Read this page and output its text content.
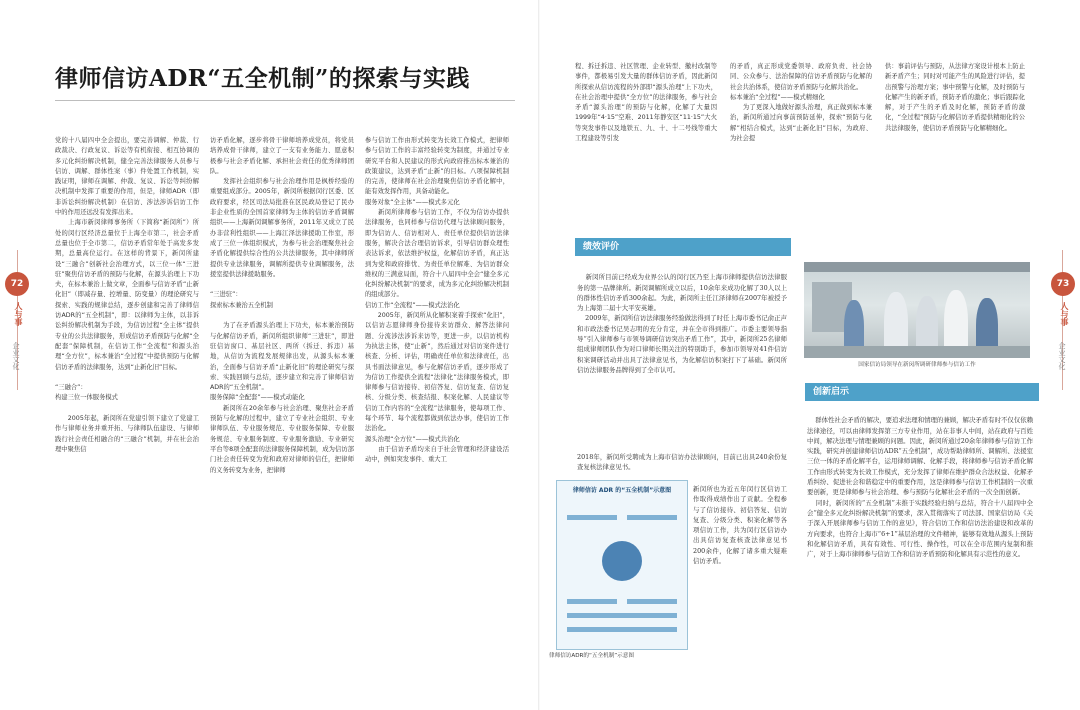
律师信访ADR“五全机制”的探索与实践
72
人与事
企业文化
党的十八届四中全会提出，要完善调解、仲裁、行政裁决、行政复议、诉讼等有机衔接、相互协调的多元化纠纷解决机制，健全完善法律服务人员参与信访、调解、群体性案（事）件处置工作机制，实践证明，律师在调解、仲裁、复议、诉讼等纠纷解决机制中发挥了重要的作用，但是，律师ADR（即非诉讼纠纷解决机制）在信访、涉法涉诉信访工作中的作用还远没有发挥出来。
　　上海市新闵律师事务所（下简称“新闵所”）所处的闵行区经济总量位于上海全市第二，社会矛盾总量也位于全市第二，信访矛盾常年处于高发多发期，总量高位运行。在这样的背景下，新闵所建设“三融合”创新社会治理方式，以三位一体“三进驻”聚焦信访矛盾的预防与化解，在源头治理上下功夫，在标本兼治上做文章，全面参与信访矛盾“止新化旧”（即减存量、控增量、防变量）的理论研究与探索、实践的规律总结，逐步创建和完善了律师信访ADR的“五全机制”，即：以律师为主体，以非诉讼纠纷解决机制为手段，为信访过程“全主体”提供专业的公共法律服务，形成信访矛盾预防与化解“全配套”保障机制，在信访工作“全流程”和源头治理“全方位”，标本兼治“全过程”中提供预防与化解信访矛盾的法律服务，达到“止新化旧”目标。

“三融合”：
构建三位一体服务模式

　　2005年起，新闵所在党建引领下建立了党建工作与律师业务并重开拓、与律师队伍建设、与律师践行社会责任相融合的“三融合”机制，并在社会治理中聚焦信
访矛盾化解，逐步将骨干律师培养成党员，将党员培养成骨干律师，建立了一支有业务能力、愿意积极参与社会矛盾化解、承担社会责任的优秀律师团队。
　　发挥社会组织参与社会治理作用是枫桥经验的重要组成部分。2005年，新闵所根据闵行区委、区政府要求，经区司法局批准在区民政局登记了民办非企业性质的全国首家律师为主体的信访矛盾调解组织——上海新闵调解事务所，2011年又成立了民办非营利性组织——上海江泽法律援助工作室，形成了三位一体组织模式，为参与社会治理聚焦社会矛盾化解提供综合性的公共法律服务，其中律师所提供专业法律服务，调解所提供专业调解服务，法援室提供法律援助服务。

“三进驻”：
探索标本兼治五全机制

　　为了在矛盾源头治理上下功夫，标本兼治预防与化解信访矛盾，新闵所组织律师“三进驻”，即进驻信访窗口、基层社区、两所（拆迁、拆违）基地，从信访为流程发展规律出发，从源头标本兼治，全面参与信访矛盾“止新化旧”的理论研究与探索、实践回顾与总结，逐步建立和完善了律师信访ADR的“五全机制”。
服务保障“全配套”——模式动能化
　　新闵所在20余年参与社会治理、聚焦社会矛盾预防与化解的过程中，建立了专业社会组织、专业律师队伍、专业服务规范、专业服务保障、专业服务规范、专业服务制度、专业服务激励、专业研究平台等8项全配套的法律服务保障机制，成为信访部门社会责任转变为党和政府对律师的信任，把律师的义务转变为业务，把律师
参与信访工作由形式转变为长效工作模式，把律师参与信访工作的丰富经验转变为制度，并通过专业研究平台和人民建议的形式向政府推出标本兼治的政策建议，达到矛盾“止新”的目标。八项保障机制的完善，使律师在社会治理聚焦信访矛盾化解中，能有效发挥作用，具备动能化。
服务对象“全主体”——模式多元化
　　新闵所律师参与信访工作，不仅为信访办提供法律服务，也同样参与信访代理与法律顾问服务，即为信访人、信访相对人、责任单位提供信访法律服务，解决合法合理信访诉求，引导信访群众理性表达诉求，依法维护权益，化解信访矛盾，真正达到为党和政府排忧、为责任单位解难、为信访群众维权的三满意局面，符合十八届四中全会“健全多元化纠纷解决机制”的要求，成为多元化纠纷解决机制的组成部分。
信访工作“全流程”——模式法治化
　　2005年，新闵所从化解积案着手探索“化旧”，以信访志愿律师身份接待来访群众、解答法律问题、分流涉法涉诉来访等，更进一步，以信访机构为执法主体，使“止新”，然后通过对信访案件进行核查、分析、评估，明确责任单位和法律责任，出具书面法律意见，参与化解信访矛盾，逐步形成了为信访工作提供全流程“法律化”法律服务模式，即律师参与信访接待、初信答复、信访复查、信访复核、分级分类、核查结报、积案化解、人民建议等信访工作内容的“全流程”法律服务，使每项工作、每个环节、每个流程都做到依法办事，使信访工作法治化。
源头治理“全方位”——模式共治化
　　由于信访矛盾均来自于社会管理和经济建设活动中，例如突发事件、重大工
程、拆迁拆违、社区管理、企业转型、撤村改制等事件，都极易引发大量的群体信访矛盾，因此新闵所探索从信访流程的外部即“源头治理”上下功夫，在社会治理中提供“全方位”的法律服务，参与社会矛盾“源头治理”的预防与化解，化解了大量因1999年“4·15”空难、2011年静安区“11·15”大火等突发事件以及地铁五、九、十、十二号线等重大工程建设等引发
的矛盾，真正形成党委领导、政府负责、社会协同、公众参与、法治保障的信访矛盾预防与化解的社会共治体系，使信访矛盾预防与化解共治化。
标本兼治“全过程”——模式精细化
　　为了更深入地做好源头治理，真正做到标本兼治，新闵所通过向事前预防延伸，探索“预防与化解”相结合模式，达到“止新化旧”目标，为政府、为社会提
供：事前评估与预防，从法律方案设计根本上防止新矛盾产生；同时对可能产生的风险进行评估，提出预警与治理方案；事中预警与化解，及时预防与化解产生的新矛盾，预防矛盾的激化；事后跟踪化解，对于产生的矛盾及时化解，预防矛盾的激化，“全过程”预防与化解信访矛盾提供精细化的公共法律服务，使信访矛盾预防与化解精细化。
绩效评价

新闵所目前已经成为业界公认的闵行区乃至上海市律师提供信访法律服务的第一品牌律所。新闵调解所成立以后，10余年来成功化解了30人以上的群体性信访矛盾300余起。为此，新闵所主任江泽律师在2007年被授予为上海第二届十大平安英雄。
2009年，新闵所信访法律服务经验做法得到了时任上海市委书记俞正声和市政法委书记吴志明的充分肯定，并在全市得到推广。市委主要领导指导“引入律师参与市领导调研信访突出矛盾工作”，其中，新闵所25名律师组成律师团队作为对口律师长期关注的特别助手，参加市领导对41件信访积案调研活动并出具了法律意见书，为化解信访积案打下了基础。新闵所信访法律服务品牌得到了全市认可。

2018年，新闵所受聘成为上海市信访办法律顾问，目前已出具240余份复查复核法律意见书。
新闵所也为近五年闵行区信访工作取得成绩作出了贡献。全程参与了信访接待、初信答复、信访复查、分级分类、积案化解等各项信访工作，共为闵行区信访办出具信访复查核查法律意见书200余件，化解了诸多重大疑难信访矛盾。
律师信访 ADR 的“五全机制”示意图
律师信访ADR的“五全机制”示意图
国家信访局领导在新闵所调研律师参与信访工作
创新启示

群体性社会矛盾的解决，要追求法理和情理的兼顾，解决矛盾有时不仅仅依赖法律途径，可以由律师发挥第三方专业作用，站在非事人中间，站在政府与百姓中间，解决法理与情理兼顾的问题。因此，新闵所通过20余年律师参与信访工作实践，研究并创建律师信访ADR“五全机制”，成功帮助律师所、调解所、法援室三位一体的矛盾化解平台，运用律师调解、化解手段，将律师参与信访矛盾化解工作由形式转变为长效工作模式，充分发挥了律师在维护群众合法权益、化解矛盾纠纷、促进社会和谐稳定中的重要作用，这是律师参与信访工作机制的一次重要创新，更是律师参与社会治理、参与预防与化解社会矛盾的一次全面创新。
同时，新闵所的“五全机制”未推于实践经验归纳与总结，符合十八届四中全会“健全多元化纠纷解决机制”的要求，深入贯彻落实了司法部、国家信访局《关于深入开展律师参与信访工作的意见》，符合信访工作和信访法治建设和改革的方向要求，也符合上海市“6+1”基层治理的文件精神，能够有效地从源头上预防和化解信访矛盾，具有有效性、可行性、操作性，可以在全市范围内复制和推广，对于上海市律师参与信访工作和信访矛盾预防和化解具有示范性的意义。

73
人与事
企业文化
